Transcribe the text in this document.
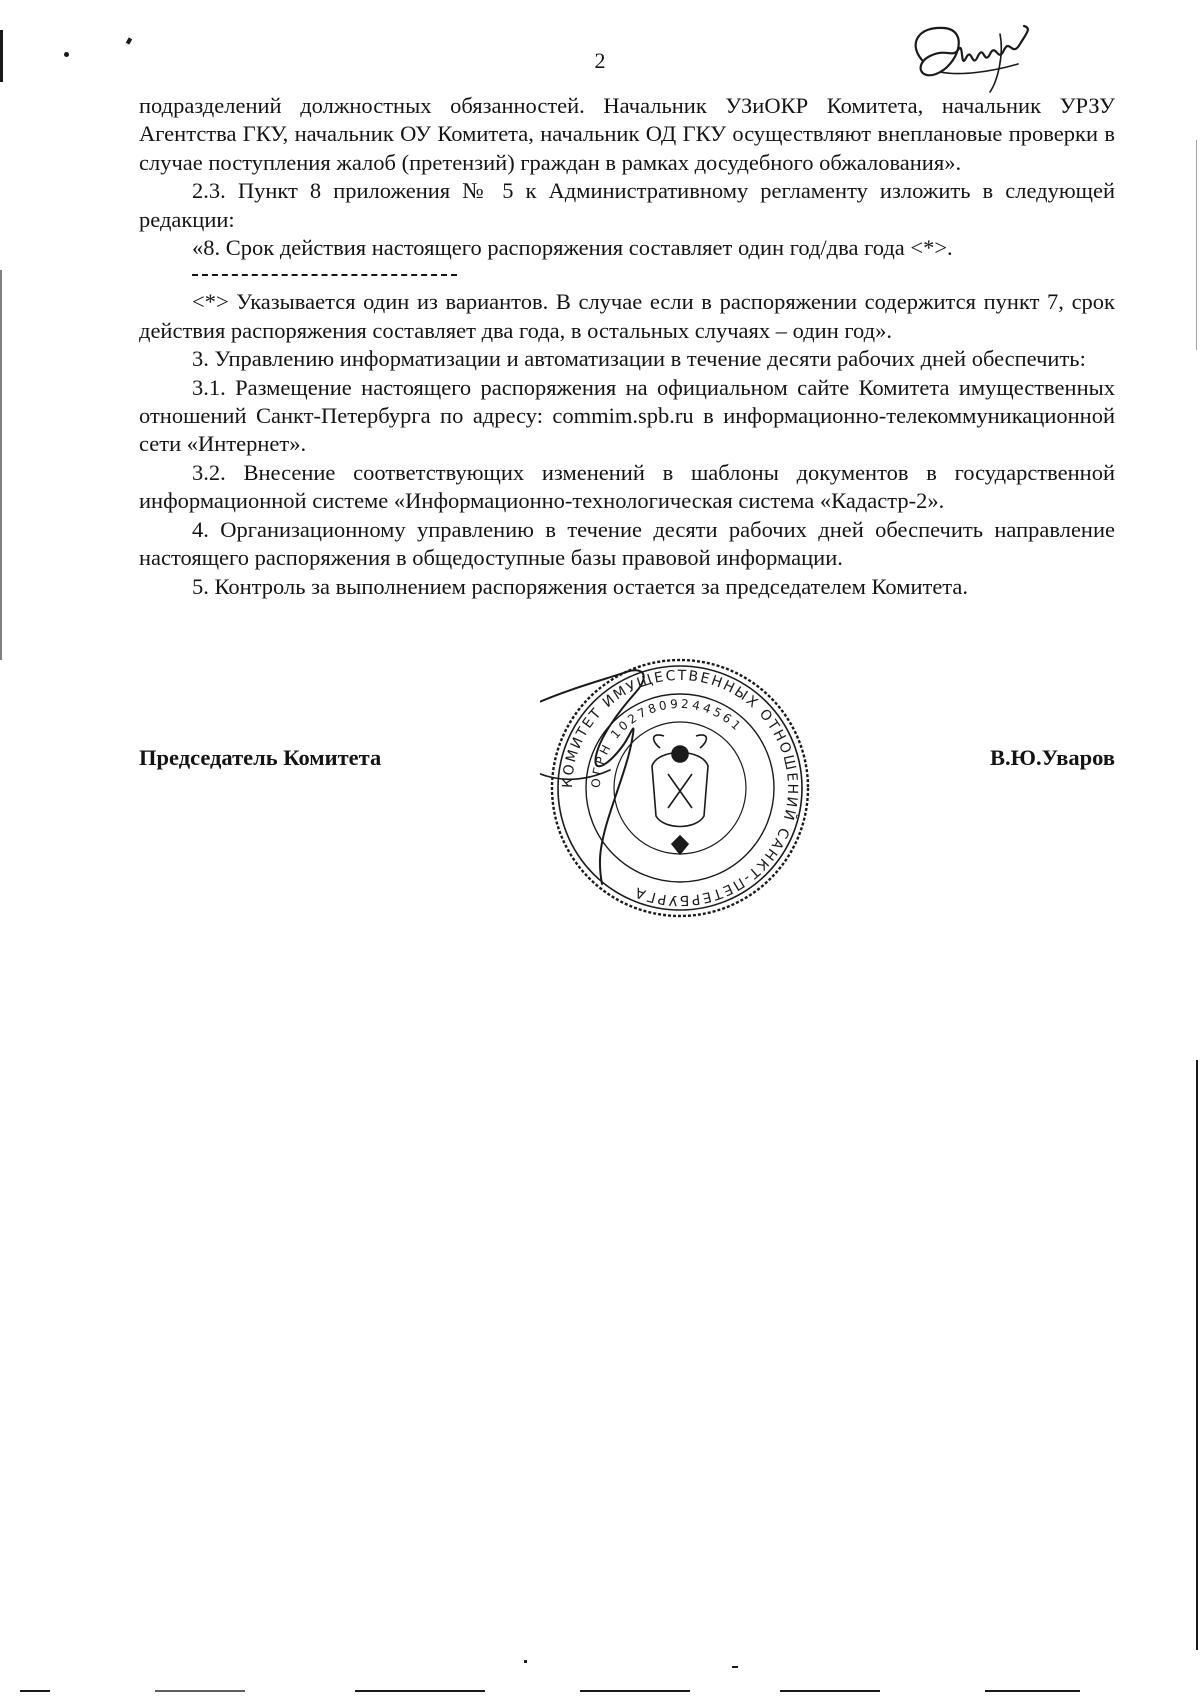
2

подразделений должностных обязанностей. Начальник УЗиОКР Комитета, начальник УРЗУ Агентства ГКУ, начальник ОУ Комитета, начальник ОД ГКУ осуществляют внеплановые проверки в случае поступления жалоб (претензий) граждан в рамках досудебного обжалования».

2.3. Пункт 8 приложения № 5 к Административному регламенту изложить в следующей редакции:

«8. Срок действия настоящего распоряжения составляет один год/два года <*>.

<*> Указывается один из вариантов. В случае если в распоряжении содержится пункт 7, срок действия распоряжения составляет два года, в остальных случаях – один год».

3. Управлению информатизации и автоматизации в течение десяти рабочих дней обеспечить:

3.1. Размещение настоящего распоряжения на официальном сайте Комитета имущественных отношений Санкт-Петербурга по адресу: commim.spb.ru в информационно-телекоммуникационной сети «Интернет».

3.2. Внесение соответствующих изменений в шаблоны документов в государственной информационной системе «Информационно-технологическая система «Кадастр-2».

4. Организационному управлению в течение десяти рабочих дней обеспечить направление настоящего распоряжения в общедоступные базы правовой информации.

5. Контроль за выполнением распоряжения остается за председателем Комитета.

Председатель Комитета	В.Ю.Уваров
КОМИТЕТ ИМУЩЕСТВЕННЫХ ОТНОШЕНИЙ САНКТ-ПЕТЕРБУРГА
ОГРН 1027809244561
